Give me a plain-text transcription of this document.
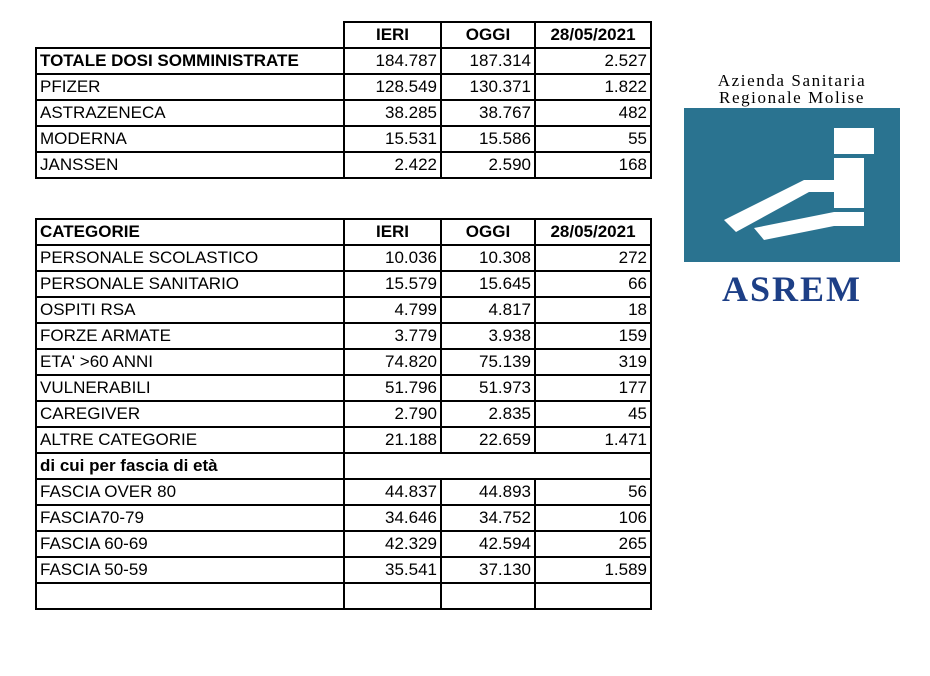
	IERI	OGGI	28/05/2021
TOTALE DOSI SOMMINISTRATE	184.787	187.314	2.527
PFIZER	128.549	130.371	1.822
ASTRAZENECA	38.285	38.767	482
MODERNA	15.531	15.586	55
JANSSEN	2.422	2.590	168
CATEGORIE	IERI	OGGI	28/05/2021
PERSONALE SCOLASTICO	10.036	10.308	272
PERSONALE SANITARIO	15.579	15.645	66
OSPITI RSA	4.799	4.817	18
FORZE ARMATE	3.779	3.938	159
ETA' >60 ANNI	74.820	75.139	319
VULNERABILI	51.796	51.973	177
CAREGIVER	2.790	2.835	45
ALTRE CATEGORIE	21.188	22.659	1.471
di cui per fascia di età			
FASCIA OVER 80	44.837	44.893	56
FASCIA70-79	34.646	34.752	106
FASCIA 60-69	42.329	42.594	265
FASCIA 50-59	35.541	37.130	1.589

Azienda Sanitaria
Regionale Molise
ASREM
